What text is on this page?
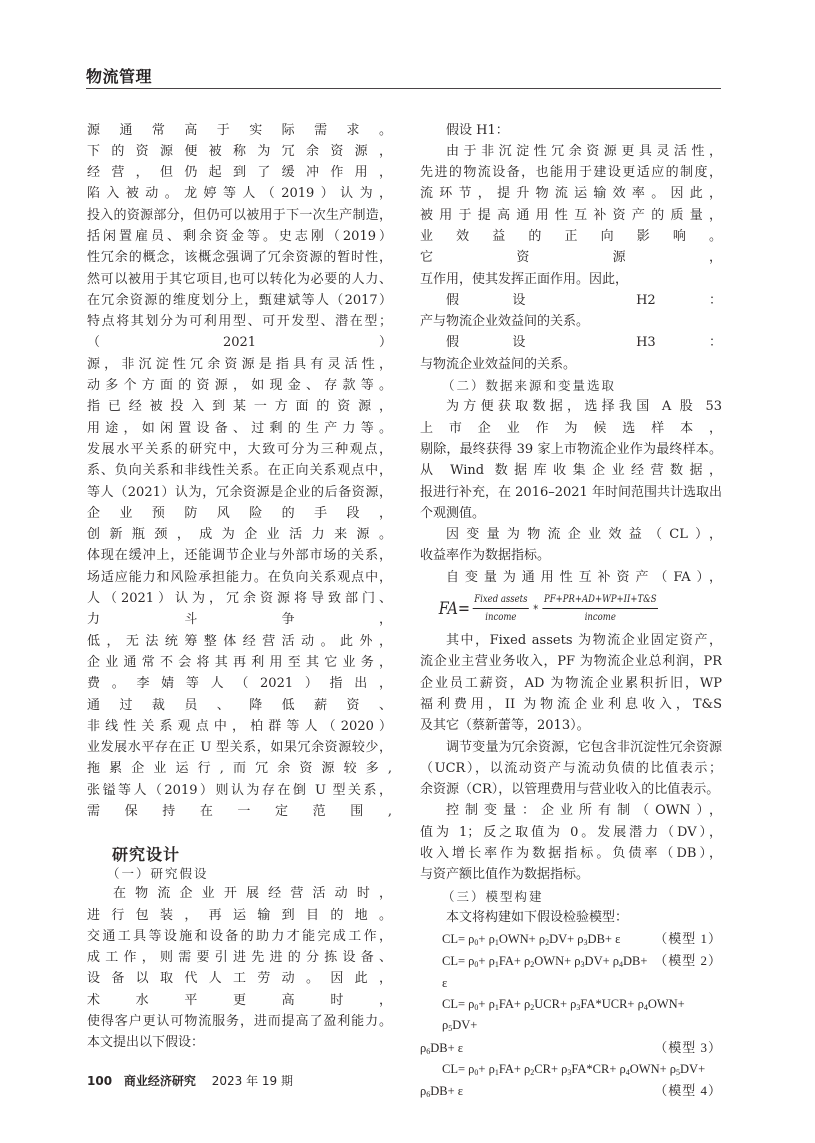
物流管理
源通常高于实际需求。
下的资源便被称为冗余资源，
经营，但仍起到了缓冲作用，
陷入被动。龙婷等人（2019）认为，
投入的资源部分，但仍可以被用于下一次生产制造，
括闲置雇员、剩余资金等。史志刚（2019）
性冗余的概念，该概念强调了冗余资源的暂时性，
然可以被用于其它项目,也可以转化为必要的人力、
在冗余资源的维度划分上，甄建斌等人（2017）
特点将其划分为可利用型、可开发型、潜在型；
（2021）
源，非沉淀性冗余资源是指具有灵活性，
动多个方面的资源，如现金、存款等。
指已经被投入到某一方面的资源，
用途，如闲置设备、过剩的生产力等。
发展水平关系的研究中，大致可分为三种观点，
系、负向关系和非线性关系。在正向关系观点中，
等人（2021）认为，冗余资源是企业的后备资源，
企业预防风险的手段，
创新瓶颈，成为企业活力来源。
体现在缓冲上，还能调节企业与外部市场的关系，
场适应能力和风险承担能力。在负向关系观点中，
人（2021）认为，冗余资源将导致部门、
力斗争，
低，无法统筹整体经营活动。此外，
企业通常不会将其再利用至其它业务，
费。李婧等人（2021）指出，
通过裁员、降低薪资、
非线性关系观点中，柏群等人（2020）
业发展水平存在正 U 型关系，如果冗余资源较少，
拖累企业运行,而冗余资源较多,
张镒等人（2019）则认为存在倒 U 型关系，
需保持在一定范围,
研究设计
（一）研究假设
在物流企业开展经营活动时，
进行包装，再运输到目的地。
交通工具等设施和设备的助力才能完成工作，
成工作，则需要引进先进的分拣设备、
设备以取代人工劳动。因此，
术水平更高时，
使得客户更认可物流服务，进而提高了盈利能力。
本文提出以下假设：
假设 H1：
由于非沉淀性冗余资源更具灵活性，
先进的物流设备，也能用于建设更适应的制度，
流环节，提升物流运输效率。因此，
被用于提高通用性互补资产的质量，
业效益的正向影响。
它资源，
互作用，使其发挥正面作用。因此，
假设 H2：
产与物流企业效益间的关系。
假设 H3：
与物流企业效益间的关系。
（二）数据来源和变量选取
为方便获取数据，选择我国 A 股 53
上市企业作为候选样本，
剔除，最终获得 39 家上市物流企业作为最终样本。
从 Wind 数据库收集企业经营数据，
报进行补充，在 2016–2021 年时间范围共计选取出
个观测值。
因变量为物流企业效益（CL），
收益率作为数据指标。
自变量为通用性互补资产（FA），
$FA= \frac{\text{Fixed assets}}{\text{income}} * \frac{PF+PR+AD+WP+II+T\&S}{\text{income}}$
其中，Fixed assets 为物流企业固定资产，
流企业主营业务收入，PF 为物流企业总利润，PR
企业员工薪资，AD 为物流企业累积折旧，WP
福利费用，II 为物流企业利息收入，T&S
及其它（蔡新蕾等，2013）。
调节变量为冗余资源，它包含非沉淀性冗余资源
（UCR），以流动资产与流动负债的比值表示；
余资源（CR），以管理费用与营业收入的比值表示。
控制变量：企业所有制（OWN），
值为 1；反之取值为 0。发展潜力（DV），
收入增长率作为数据指标。负债率（DB），
与资产额比值作为数据指标。
（三）模型构建
本文将构建如下假设检验模型：
$CL= \rho_0+ \rho_1OWN+ \rho_2DV+ \rho_3DB+ \varepsilon$	（模型 1）
$CL= \rho_0+ \rho_1FA+ \rho_2OWN+ \rho_3DV+ \rho_4DB+ \varepsilon$
（模型 2）
$CL= \rho_0+ \rho_1FA+ \rho_2UCR+ \rho_3FA*UCR+ \rho_4OWN+ \rho_5DV+$
$\rho_6DB+ \varepsilon$	（模型 3）
$CL= \rho_0+ \rho_1FA+ \rho_2CR+ \rho_3FA*CR+ \rho_4OWN+ \rho_5DV+$
$\rho_6DB+ \varepsilon$	（模型 4）
100 商业经济研究 2023 年 19 期
